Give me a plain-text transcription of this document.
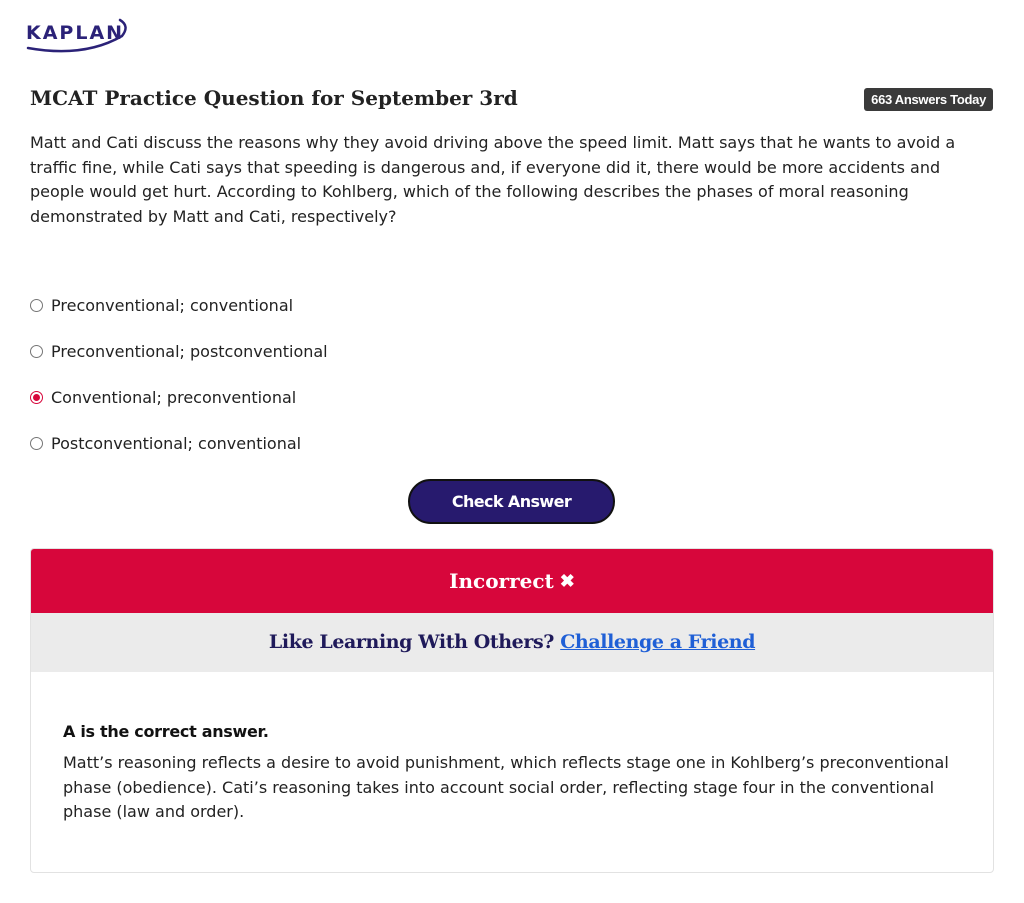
KAPLAN
MCAT Practice Question for September 3rd	663 Answers Today

Matt and Cati discuss the reasons why they avoid driving above the speed limit. Matt says that he wants to avoid a traffic fine, while Cati says that speeding is dangerous and, if everyone did it, there would be more accidents and people would get hurt. According to Kohlberg, which of the following describes the phases of moral reasoning demonstrated by Matt and Cati, respectively?

Preconventional; conventional
Preconventional; postconventional
Conventional; preconventional
Postconventional; conventional
Check Answer
Incorrect ✖
Like Learning With Others? Challenge a Friend
A is the correct answer.

Matt’s reasoning reflects a desire to avoid punishment, which reflects stage one in Kohlberg’s preconventional phase (obedience). Cati’s reasoning takes into account social order, reflecting stage four in the conventional phase (law and order).
